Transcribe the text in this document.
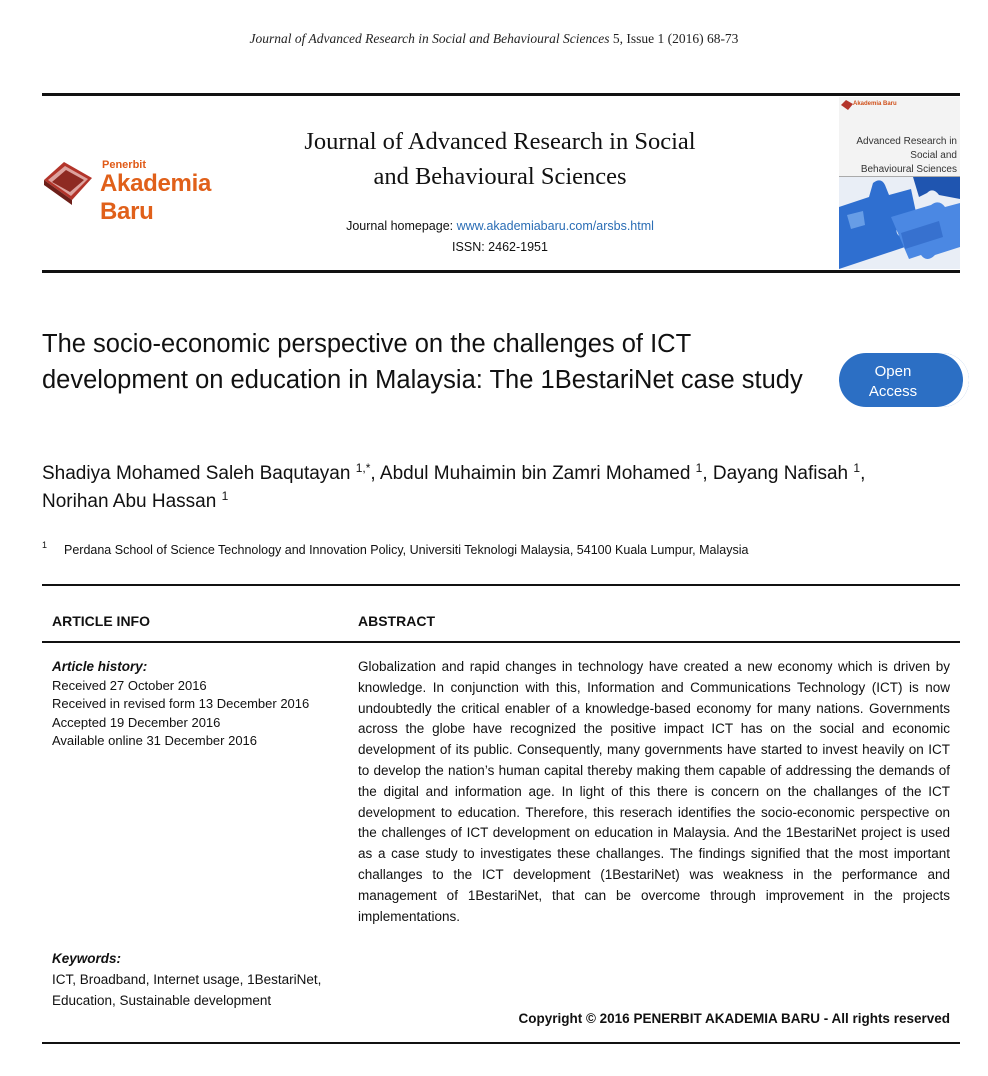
Journal of Advanced Research in Social and Behavioural Sciences 5, Issue 1 (2016) 68-73
Penerbit
Akademia Baru
Journal of Advanced Research in Social
and Behavioural Sciences
Journal homepage: www.akademiabaru.com/arsbs.html
ISSN: 2462-1951
Akademia Baru
Advanced Research in
Social and
Behavioural Sciences
The socio-economic perspective on the challenges of ICT development on education in Malaysia: The 1BestariNet case study	Open
Access
Shadiya Mohamed Saleh Baqutayan $^{1,*}$, Abdul Muhaimin bin Zamri Mohamed $^1$, Dayang Nafisah $^1$,
Norihan Abu Hassan $^1$
1 Perdana School of Science Technology and Innovation Policy, Universiti Teknologi Malaysia, 54100 Kuala Lumpur, Malaysia
ARTICLE INFO	ABSTRACT
Article history:
Received 27 October 2016
Received in revised form 13 December 2016
Accepted 19 December 2016
Available online 31 December 2016
Keywords:
ICT, Broadband, Internet usage, 1BestariNet, Education, Sustainable development
Globalization and rapid changes in technology have created a new economy which is driven by knowledge. In conjunction with this, Information and Communications Technology (ICT) is now undoubtedly the critical enabler of a knowledge-based economy for many nations. Governments across the globe have recognized the positive impact ICT has on the social and economic development of its public. Consequently, many governments have started to invest heavily on ICT to develop the nation’s human capital thereby making them capable of addressing the demands of the digital and information age. In light of this there is concern on the challanges of the ICT development to education. Therefore, this reserach identifies the socio-economic perspective on the challenges of ICT development on education in Malaysia. And the 1BestariNet project is used as a case study to investigates these challanges. The findings signified that the most important challanges to the ICT development (1BestariNet) was weakness in the performance and management of 1BestariNet, that can be overcome through improvement in the projects implementations.
Copyright © 2016 PENERBIT AKADEMIA BARU - All rights reserved
